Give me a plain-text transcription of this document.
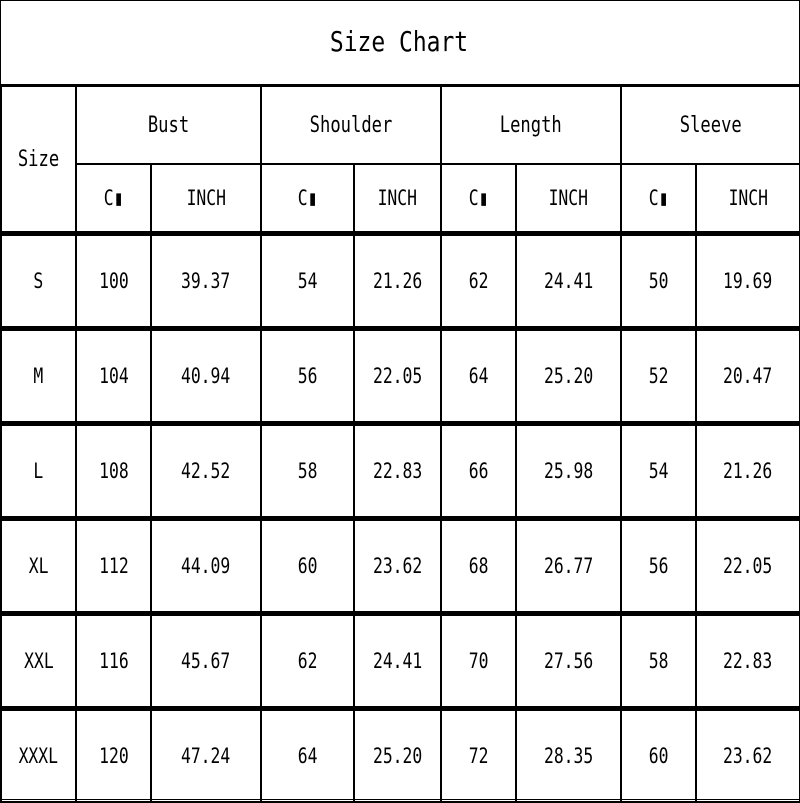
Size Chart
Size	Bust		Shoulder		Length		Sleeve	
	C▮	INCH	C▮	INCH	C▮	INCH	C▮	INCH
S	100	39.37	54	21.26	62	24.41	50	19.69
M	104	40.94	56	22.05	64	25.20	52	20.47
L	108	42.52	58	22.83	66	25.98	54	21.26
XL	112	44.09	60	23.62	68	26.77	56	22.05
XXL	116	45.67	62	24.41	70	27.56	58	22.83
XXXL	120	47.24	64	25.20	72	28.35	60	23.62
